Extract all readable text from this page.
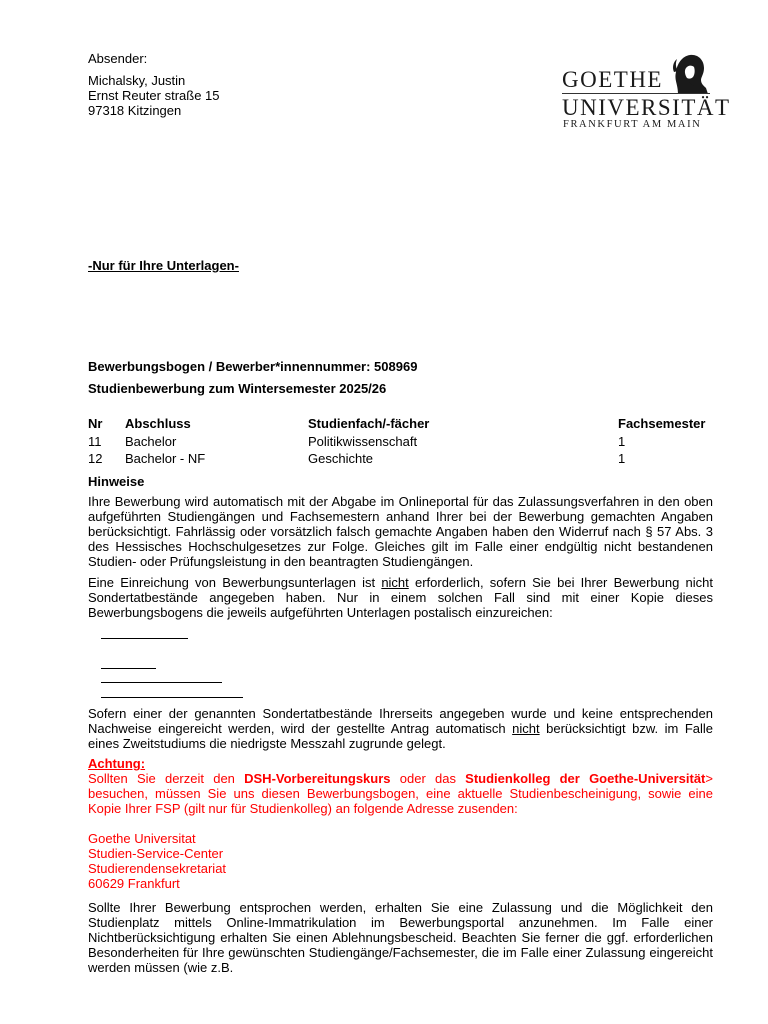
Absender:

Michalsky, Justin

Ernst Reuter straße 15

97318 Kitzingen

GOETHE
UNIVERSITÄT
FRANKFURT AM MAIN

-Nur für Ihre Unterlagen-

Bewerbungsbogen / Bewerber*innennummer: 508969

Studienbewerbung zum Wintersemester 2025/26

Nr	Abschluss	Studienfach/-fächer	Fachsemester
11	Bachelor	Politikwissenschaft	1
12	Bachelor - NF	Geschichte	1

Hinweise

Ihre Bewerbung wird automatisch mit der Abgabe im Onlineportal für das Zulassungsverfahren in den oben aufgeführten Studiengängen und Fachsemestern anhand Ihrer bei der Bewerbung gemachten Angaben berücksichtigt. Fahrlässig oder vorsätzlich falsch gemachte Angaben haben den Widerruf nach § 57 Abs. 3 des Hessisches Hochschulgesetzes zur Folge. Gleiches gilt im Falle einer endgültig nicht bestandenen Studien- oder Prüfungsleistung in den beantragten Studiengängen.

Eine Einreichung von Bewerbungsunterlagen ist nicht erforderlich, sofern Sie bei Ihrer Bewerbung nicht Sondertatbestände angegeben haben. Nur in einem solchen Fall sind mit einer Kopie dieses Bewerbungsbogens die jeweils aufgeführten Unterlagen postalisch einzureichen:

Sofern einer der genannten Sondertatbestände Ihrerseits angegeben wurde und keine entsprechenden Nachweise eingereicht werden, wird der gestellte Antrag automatisch nicht berücksichtigt bzw. im Falle eines Zweitstudiums die niedrigste Messzahl zugrunde gelegt.

Achtung:

Sollten Sie derzeit den DSH-Vorbereitungskurs oder das Studienkolleg der Goethe-Universität> besuchen, müssen Sie uns diesen Bewerbungsbogen, eine aktuelle Studienbescheinigung, sowie eine Kopie Ihrer FSP (gilt nur für Studienkolleg) an folgende Adresse zusenden:

Goethe Universitat

Studien-Service-Center

Studierendensekretariat

60629 Frankfurt

Sollte Ihrer Bewerbung entsprochen werden, erhalten Sie eine Zulassung und die Möglichkeit den Studienplatz mittels Online-Immatrikulation im Bewerbungsportal anzunehmen. Im Falle einer Nichtberücksichtigung erhalten Sie einen Ablehnungsbescheid. Beachten Sie ferner die ggf. erforderlichen Besonderheiten für Ihre gewünschten Studiengänge/Fachsemester, die im Falle einer Zulassung eingereicht werden müssen (wie z.B.
